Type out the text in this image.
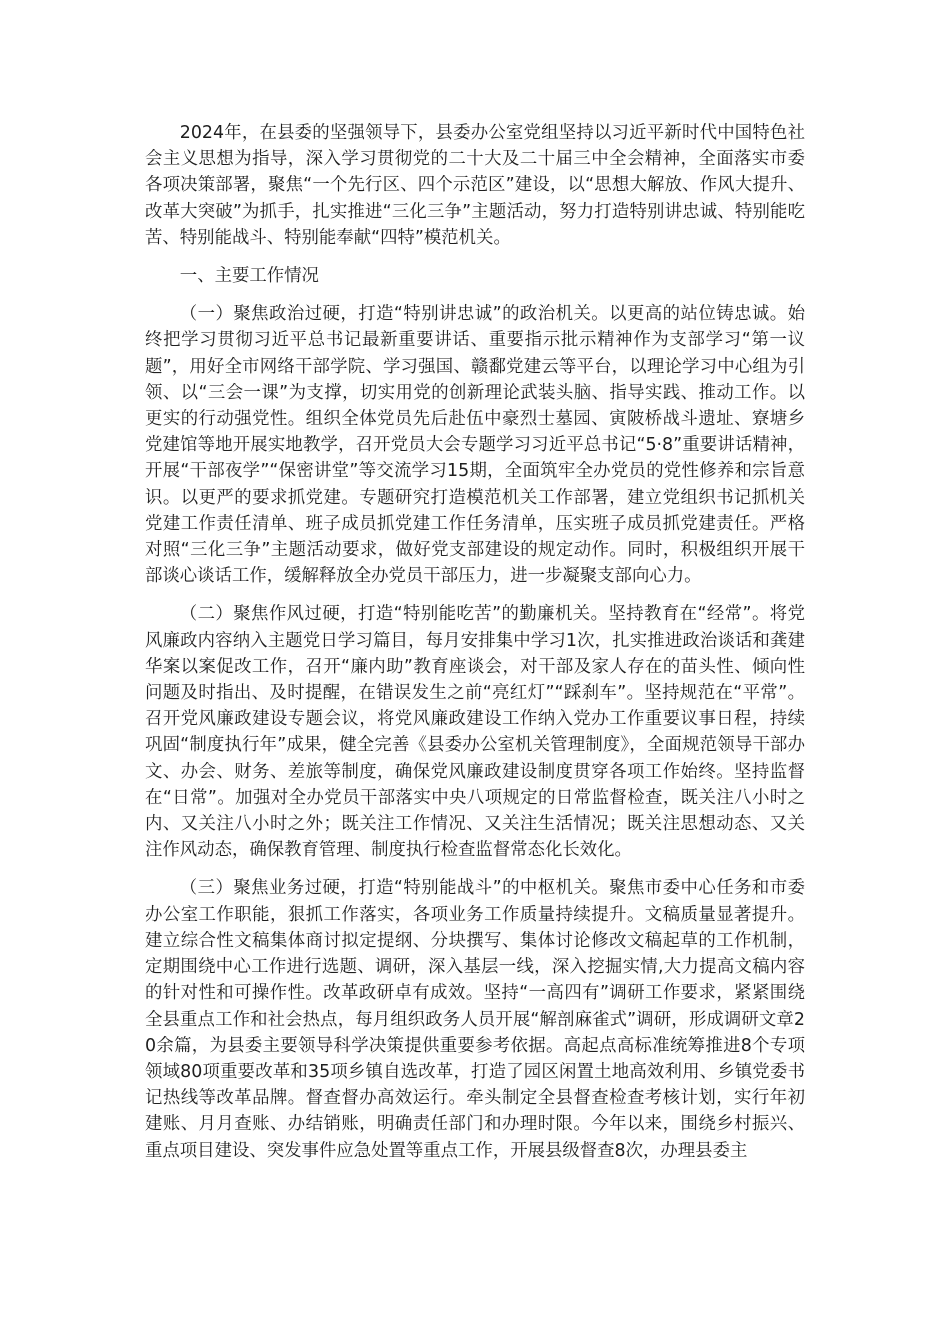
2024年，在县委的坚强领导下，县委办公室党组坚持以习近平新时代中国特色社会主义思想为指导，深入学习贯彻党的二十大及二十届三中全会精神，全面落实市委各项决策部署，聚焦“一个先行区、四个示范区”建设，以“思想大解放、作风大提升、改革大突破”为抓手，扎实推进“三化三争”主题活动，努力打造特别讲忠诚、特别能吃苦、特别能战斗、特别能奉献“四特”模范机关。

一、主要工作情况

（一）聚焦政治过硬，打造“特别讲忠诚”的政治机关。以更高的站位铸忠诚。始终把学习贯彻习近平总书记最新重要讲话、重要指示批示精神作为支部学习“第一议题”，用好全市网络干部学院、学习强国、赣鄱党建云等平台，以理论学习中心组为引领、以“三会一课”为支撑，切实用党的创新理论武装头脑、指导实践、推动工作。以更实的行动强党性。组织全体党员先后赴伍中豪烈士墓园、寅陂桥战斗遗址、寮塘乡党建馆等地开展实地教学，召开党员大会专题学习习近平总书记“5·8”重要讲话精神，开展“干部夜学”“保密讲堂”等交流学习15期，全面筑牢全办党员的党性修养和宗旨意识。以更严的要求抓党建。专题研究打造模范机关工作部署，建立党组织书记抓机关党建工作责任清单、班子成员抓党建工作任务清单，压实班子成员抓党建责任。严格对照“三化三争”主题活动要求，做好党支部建设的规定动作。同时，积极组织开展干部谈心谈话工作，缓解释放全办党员干部压力，进一步凝聚支部向心力。

（二）聚焦作风过硬，打造“特别能吃苦”的勤廉机关。坚持教育在“经常”。将党风廉政内容纳入主题党日学习篇目，每月安排集中学习1次，扎实推进政治谈话和龚建华案以案促改工作，召开“廉内助”教育座谈会，对干部及家人存在的苗头性、倾向性问题及时指出、及时提醒，在错误发生之前“亮红灯”“踩刹车”。坚持规范在“平常”。召开党风廉政建设专题会议，将党风廉政建设工作纳入党办工作重要议事日程，持续巩固“制度执行年”成果，健全完善《县委办公室机关管理制度》，全面规范领导干部办文、办会、财务、差旅等制度，确保党风廉政建设制度贯穿各项工作始终。坚持监督在“日常”。加强对全办党员干部落实中央八项规定的日常监督检查，既关注八小时之内、又关注八小时之外；既关注工作情况、又关注生活情况；既关注思想动态、又关注作风动态，确保教育管理、制度执行检查监督常态化长效化。

（三）聚焦业务过硬，打造“特别能战斗”的中枢机关。聚焦市委中心任务和市委办公室工作职能，狠抓工作落实，各项业务工作质量持续提升。文稿质量显著提升。建立综合性文稿集体商讨拟定提纲、分块撰写、集体讨论修改文稿起草的工作机制，定期围绕中心工作进行选题、调研，深入基层一线，深入挖掘实情,大力提高文稿内容的针对性和可操作性。改革政研卓有成效。坚持“一高四有”调研工作要求，紧紧围绕全县重点工作和社会热点，每月组织政务人员开展“解剖麻雀式”调研，形成调研文章20余篇，为县委主要领导科学决策提供重要参考依据。高起点高标准统筹推进8个专项领域80项重要改革和35项乡镇自选改革，打造了园区闲置土地高效利用、乡镇党委书记热线等改革品牌。督查督办高效运行。牵头制定全县督查检查考核计划，实行年初建账、月月查账、办结销账，明确责任部门和办理时限。今年以来，围绕乡村振兴、重点项目建设、突发事件应急处置等重点工作，开展县级督查8次，办理县委主
